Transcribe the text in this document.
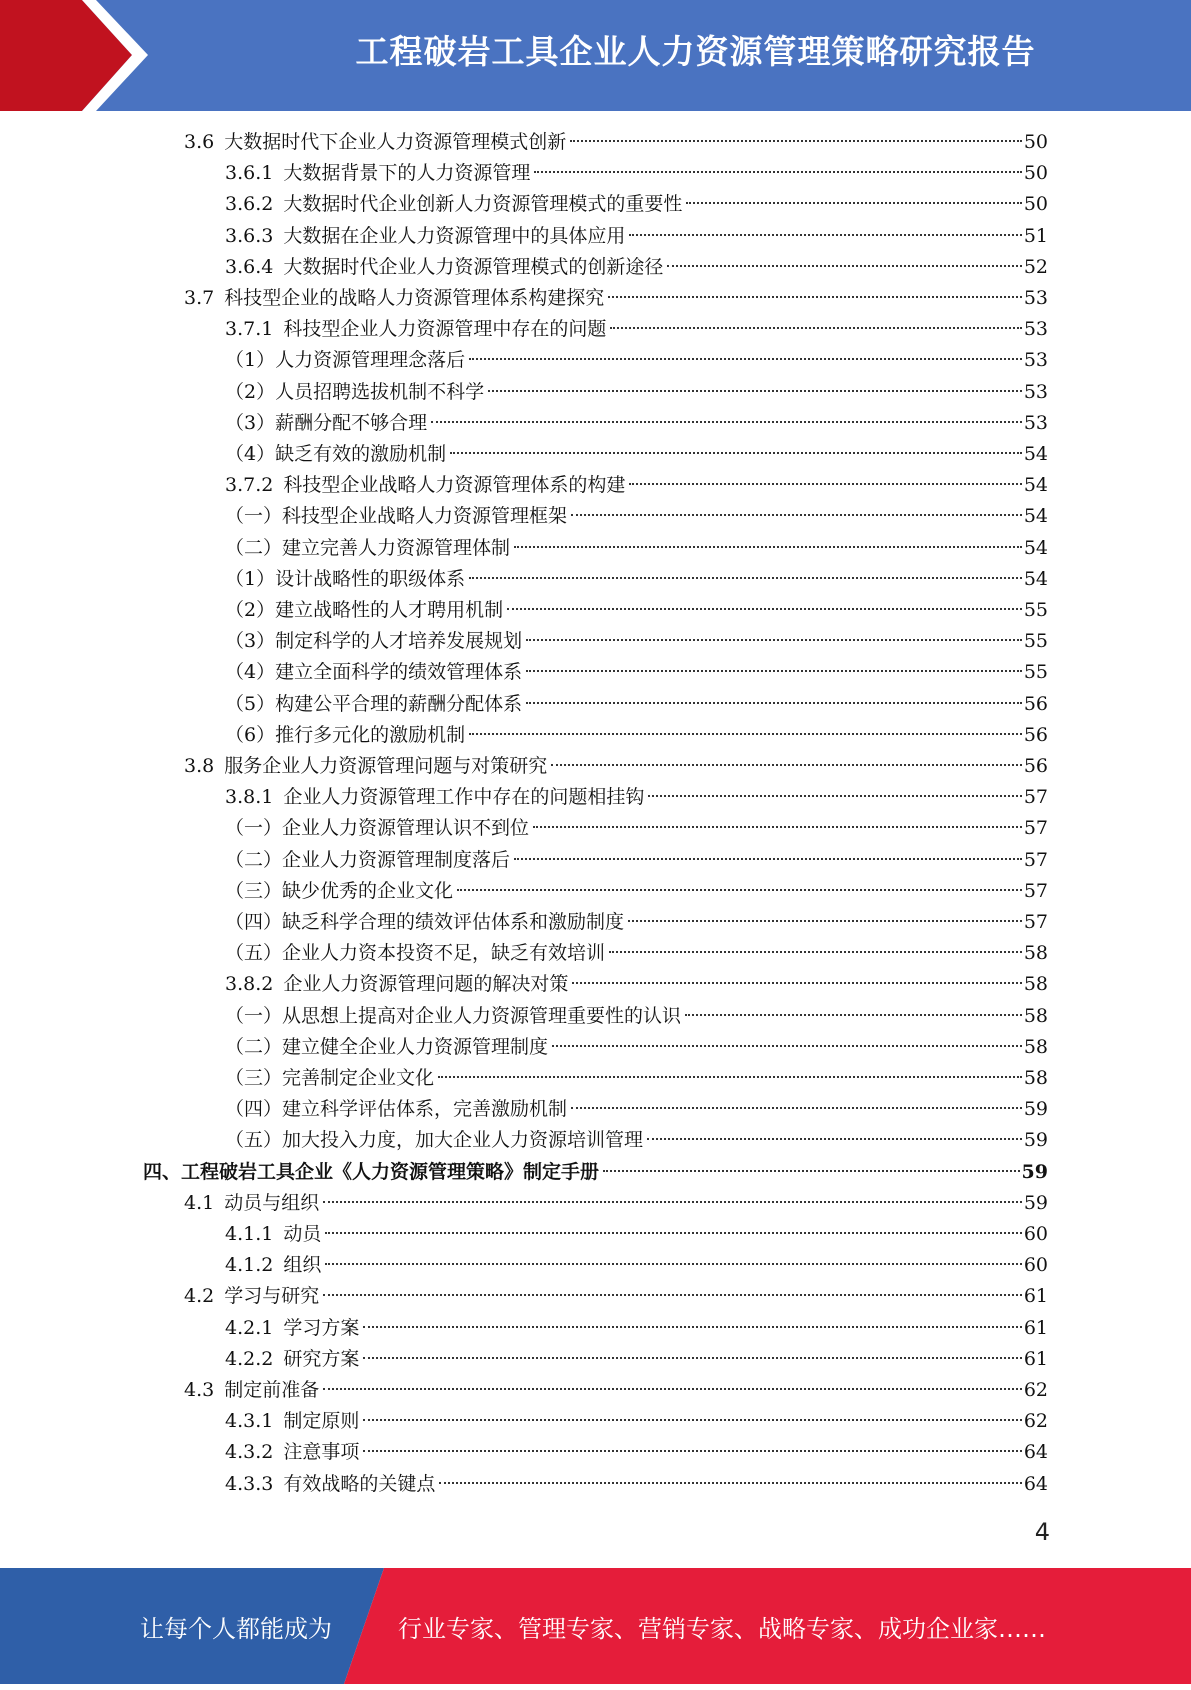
工程破岩工具企业人力资源管理策略研究报告
3.6 大数据时代下企业人力资源管理模式创新	50
3.6.1 大数据背景下的人力资源管理	50
3.6.2 大数据时代企业创新人力资源管理模式的重要性	50
3.6.3 大数据在企业人力资源管理中的具体应用	51
3.6.4 大数据时代企业人力资源管理模式的创新途径	52
3.7 科技型企业的战略人力资源管理体系构建探究	53
3.7.1 科技型企业人力资源管理中存在的问题	53
（1）人力资源管理理念落后	53
（2）人员招聘选拔机制不科学	53
（3）薪酬分配不够合理	53
（4）缺乏有效的激励机制	54
3.7.2 科技型企业战略人力资源管理体系的构建	54
（一）科技型企业战略人力资源管理框架	54
（二）建立完善人力资源管理体制	54
（1）设计战略性的职级体系	54
（2）建立战略性的人才聘用机制	55
（3）制定科学的人才培养发展规划	55
（4）建立全面科学的绩效管理体系	55
（5）构建公平合理的薪酬分配体系	56
（6）推行多元化的激励机制	56
3.8 服务企业人力资源管理问题与对策研究	56
3.8.1 企业人力资源管理工作中存在的问题相挂钩	57
（一）企业人力资源管理认识不到位	57
（二）企业人力资源管理制度落后	57
（三）缺少优秀的企业文化	57
（四）缺乏科学合理的绩效评估体系和激励制度	57
（五）企业人力资本投资不足，缺乏有效培训	58
3.8.2 企业人力资源管理问题的解决对策	58
（一）从思想上提高对企业人力资源管理重要性的认识	58
（二）建立健全企业人力资源管理制度	58
（三）完善制定企业文化	58
（四）建立科学评估体系，完善激励机制	59
（五）加大投入力度，加大企业人力资源培训管理	59
四、工程破岩工具企业《人力资源管理策略》制定手册	59
4.1 动员与组织	59
4.1.1 动员	60
4.1.2 组织	60
4.2 学习与研究	61
4.2.1 学习方案	61
4.2.2 研究方案	61
4.3 制定前准备	62
4.3.1 制定原则	62
4.3.2 注意事项	64
4.3.3 有效战略的关键点	64
4
让每个人都能成为	行业专家、管理专家、营销专家、战略专家、成功企业家……
